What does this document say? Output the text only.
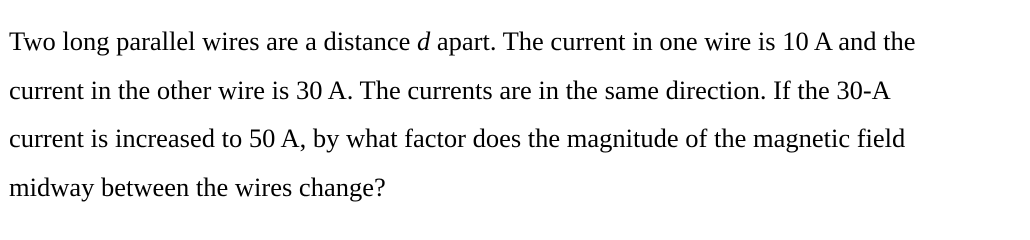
Two long parallel wires are a distance d apart. The current in one wire is 10 A and the
current in the other wire is 30 A. The currents are in the same direction. If the 30-A
current is increased to 50 A, by what factor does the magnitude of the magnetic field
midway between the wires change?
